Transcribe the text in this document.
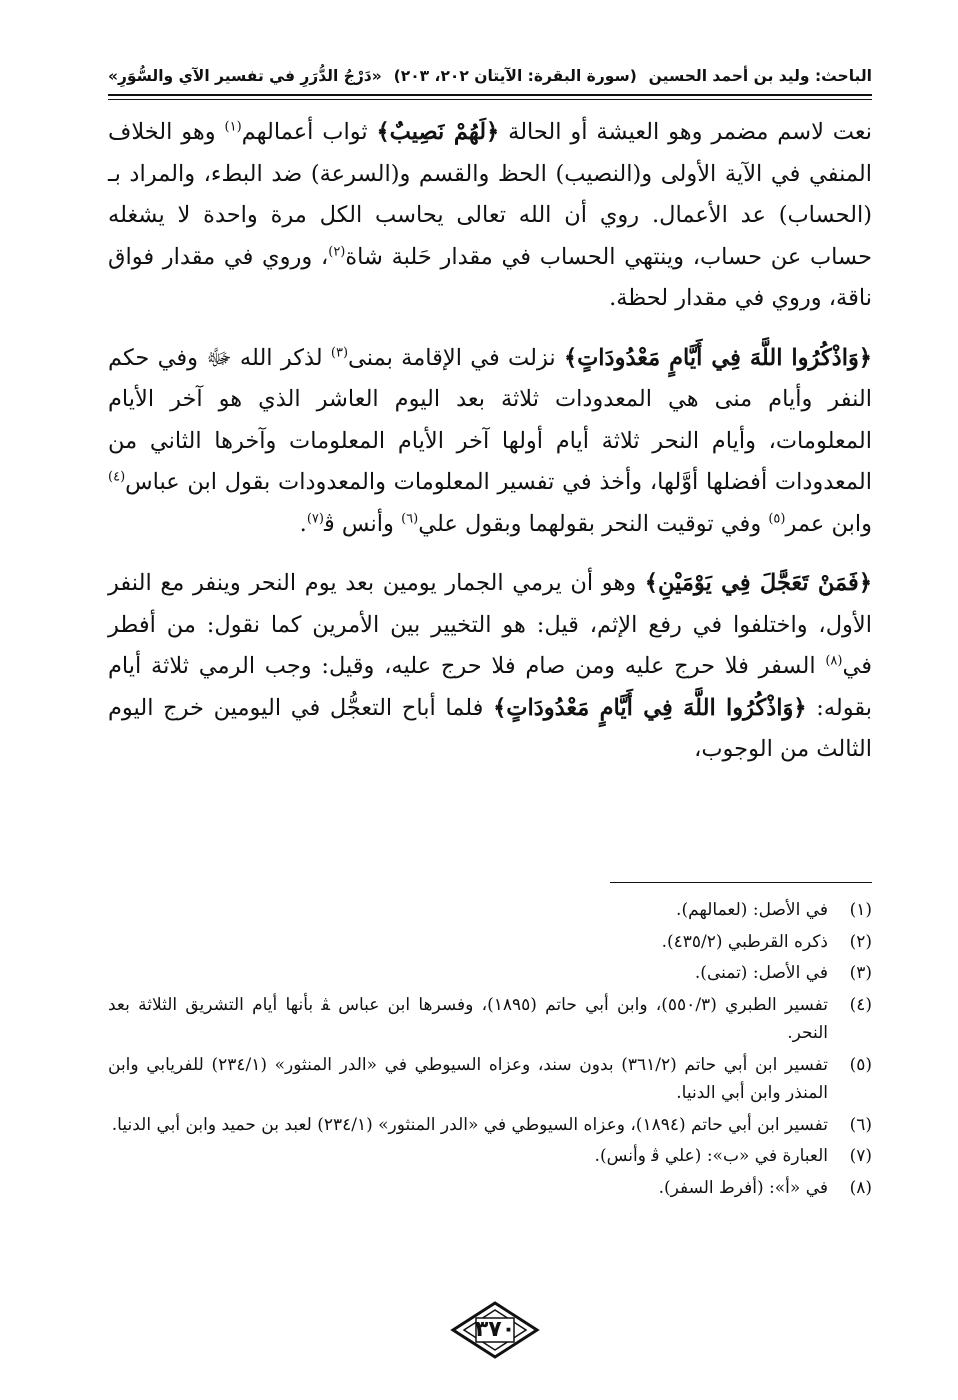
الباحث: وليد بن أحمد الحسين
(سورة البقرة: الآيتان ٢٠٢، ٢٠٣)
«دَرْجُ الدُّرَرِ في تفسير الآي والسُّوَرِ»

نعت لاسم مضمر وهو العيشة أو الحالة ﴿لَهُمْ نَصِيبٌ﴾ ثواب أعمالهم$^{(١)}$ وهو الخلاف المنفي في الآية الأولى و(النصيب) الحظ والقسم و(السرعة) ضد البطء، والمراد بـ (الحساب) عد الأعمال. روي أن الله تعالى يحاسب الكل مرة واحدة لا يشغله حساب عن حساب، وينتهي الحساب في مقدار حَلبة شاة$^{(٢)}$، وروي في مقدار فواق ناقة، وروي في مقدار لحظة.

﴿وَاذْكُرُوا اللَّهَ فِي أَيَّامٍ مَعْدُودَاتٍ﴾ نزلت في الإقامة بمنى$^{(٣)}$ لذكر الله ﷻ وفي حكم النفر وأيام منى هي المعدودات ثلاثة بعد اليوم العاشر الذي هو آخر الأيام المعلومات، وأيام النحر ثلاثة أيام أولها آخر الأيام المعلومات وآخرها الثاني من المعدودات أفضلها أوَّلها، وأخذ في تفسير المعلومات والمعدودات بقول ابن عباس$^{(٤)}$ وابن عمر$^{(٥)}$ وفي توقيت النحر بقولهما وبقول علي$^{(٦)}$ وأنس ﭬ$^{(٧)}$.

﴿فَمَنْ تَعَجَّلَ فِي يَوْمَيْنِ﴾ وهو أن يرمي الجمار يومين بعد يوم النحر وينفر مع النفر الأول، واختلفوا في رفع الإثم، قيل: هو التخيير بين الأمرين كما نقول: من أفطر في$^{(٨)}$ السفر فلا حرج عليه ومن صام فلا حرج عليه، وقيل: وجب الرمي ثلاثة أيام بقوله: ﴿وَاذْكُرُوا اللَّهَ فِي أَيَّامٍ مَعْدُودَاتٍ﴾ فلما أباح التعجُّل في اليومين خرج اليوم الثالث من الوجوب،

(١)
في الأصل: (لعمالهم).
(٢)
ذكره القرطبي (٤٣٥/٢).
(٣)
في الأصل: (تمنى).
(٤)
تفسير الطبري (٥٥٠/٣)، وابن أبي حاتم (١٨٩٥)، وفسرها ابن عباس ﭭ بأنها أيام التشريق الثلاثة بعد النحر.
(٥)
تفسير ابن أبي حاتم (٣٦١/٢) بدون سند، وعزاه السيوطي في «الدر المنثور» (٢٣٤/١) للفريابي وابن المنذر وابن أبي الدنيا.
(٦)
تفسير ابن أبي حاتم (١٨٩٤)، وعزاه السيوطي في «الدر المنثور» (٢٣٤/١) لعبد بن حميد وابن أبي الدنيا.
(٧)
العبارة في «ب»: (علي ﭬ وأنس).
(٨)
في «أ»: (أفرط السفر).
٣٧٠
